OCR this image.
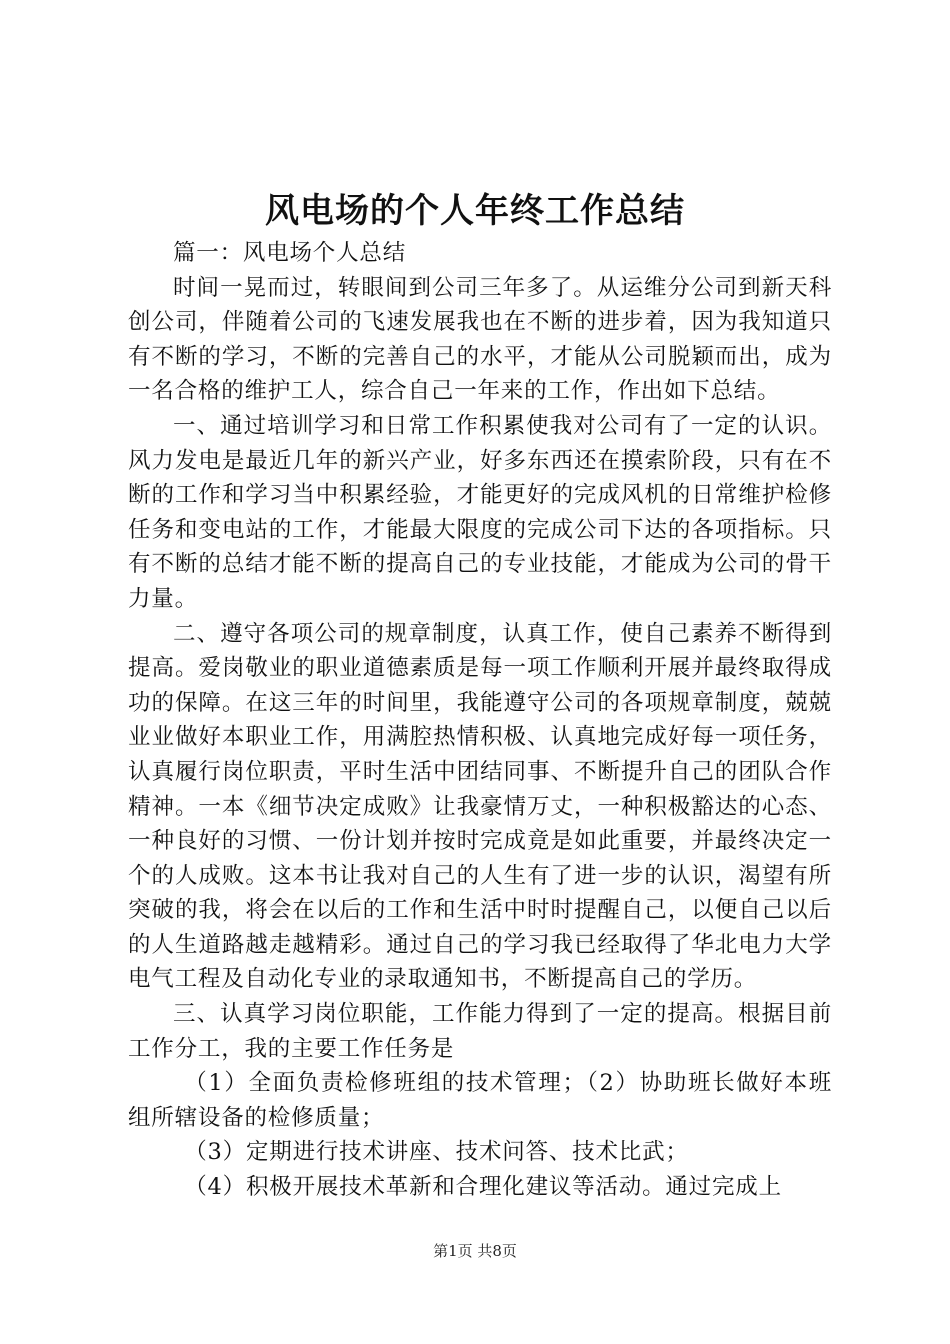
风电场的个人年终工作总结

篇一：风电场个人总结

时间一晃而过，转眼间到公司三年多了。从运维分公司到新天科创公司，伴随着公司的飞速发展我也在不断的进步着，因为我知道只有不断的学习，不断的完善自己的水平，才能从公司脱颖而出，成为一名合格的维护工人，综合自己一年来的工作，作出如下总结。

一、通过培训学习和日常工作积累使我对公司有了一定的认识。风力发电是最近几年的新兴产业，好多东西还在摸索阶段，只有在不断的工作和学习当中积累经验，才能更好的完成风机的日常维护检修任务和变电站的工作，才能最大限度的完成公司下达的各项指标。只有不断的总结才能不断的提高自己的专业技能，才能成为公司的骨干力量。

二、遵守各项公司的规章制度，认真工作，使自己素养不断得到提高。爱岗敬业的职业道德素质是每一项工作顺利开展并最终取得成功的保障。在这三年的时间里，我能遵守公司的各项规章制度，兢兢业业做好本职业工作，用满腔热情积极、认真地完成好每一项任务，认真履行岗位职责，平时生活中团结同事、不断提升自己的团队合作精神。一本《细节决定成败》让我豪情万丈，一种积极豁达的心态、一种良好的习惯、一份计划并按时完成竟是如此重要，并最终决定一个的人成败。这本书让我对自己的人生有了进一步的认识，渴望有所突破的我，将会在以后的工作和生活中时时提醒自己，以便自己以后的人生道路越走越精彩。通过自己的学习我已经取得了华北电力大学电气工程及自动化专业的录取通知书，不断提高自己的学历。

三、认真学习岗位职能，工作能力得到了一定的提高。根据目前工作分工，我的主要工作任务是

（1）全面负责检修班组的技术管理；（2）协助班长做好本班组所辖设备的检修质量；

（3）定期进行技术讲座、技术问答、技术比武；

（4）积极开展技术革新和合理化建议等活动。通过完成上

第1页 共8页
